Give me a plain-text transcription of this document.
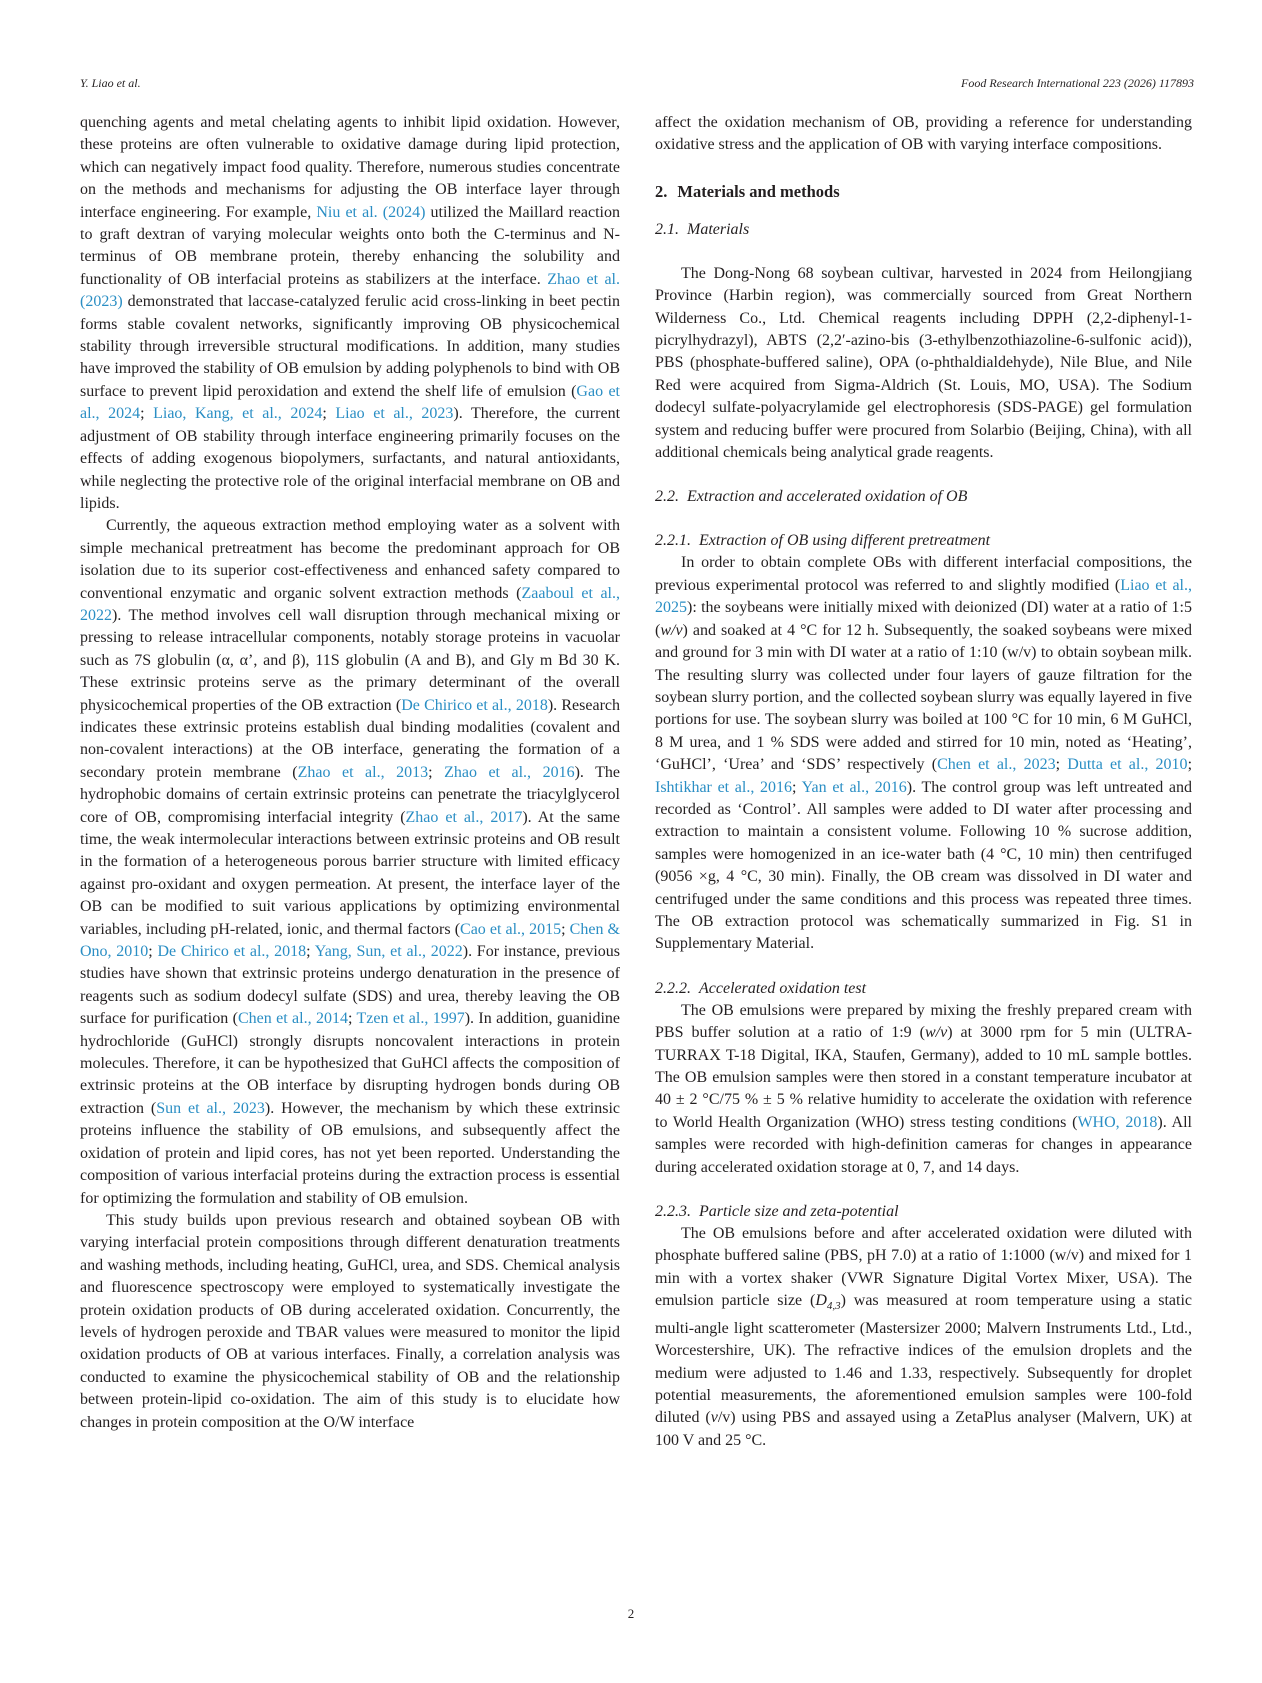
Y. Liao et al.	Food Research International 223 (2026) 117893

quenching agents and metal chelating agents to inhibit lipid oxidation. However, these proteins are often vulnerable to oxidative damage during lipid protection, which can negatively impact food quality. Therefore, numerous studies concentrate on the methods and mechanisms for adjusting the OB interface layer through interface engineering. For example, Niu et al. (2024) utilized the Maillard reaction to graft dextran of varying molecular weights onto both the C-terminus and N-terminus of OB membrane protein, thereby enhancing the solubility and functionality of OB interfacial proteins as stabilizers at the interface. Zhao et al. (2023) demonstrated that laccase-catalyzed ferulic acid cross-linking in beet pectin forms stable covalent networks, significantly improving OB physicochemical stability through irreversible structural modifications. In addition, many studies have improved the stability of OB emulsion by adding polyphenols to bind with OB surface to prevent lipid peroxidation and extend the shelf life of emulsion (Gao et al., 2024; Liao, Kang, et al., 2024; Liao et al., 2023). Therefore, the current adjustment of OB stability through interface engineering primarily focuses on the effects of adding exogenous biopolymers, surfactants, and natural antioxidants, while neglecting the protective role of the original interfacial membrane on OB and lipids.

Currently, the aqueous extraction method employing water as a solvent with simple mechanical pretreatment has become the predominant approach for OB isolation due to its superior cost-effectiveness and enhanced safety compared to conventional enzymatic and organic solvent extraction methods (Zaaboul et al., 2022). The method involves cell wall disruption through mechanical mixing or pressing to release intracellular components, notably storage proteins in vacuolar such as 7S globulin (α, α’, and β), 11S globulin (A and B), and Gly m Bd 30 K. These extrinsic proteins serve as the primary determinant of the overall physicochemical properties of the OB extraction (De Chirico et al., 2018). Research indicates these extrinsic proteins establish dual binding modalities (covalent and non-covalent interactions) at the OB interface, generating the formation of a secondary protein membrane (Zhao et al., 2013; Zhao et al., 2016). The hydrophobic domains of certain extrinsic proteins can penetrate the triacylglycerol core of OB, compromising interfacial integrity (Zhao et al., 2017). At the same time, the weak intermolecular interactions between extrinsic proteins and OB result in the formation of a heterogeneous porous barrier structure with limited efficacy against pro-oxidant and oxygen permeation. At present, the interface layer of the OB can be modified to suit various applications by optimizing environmental variables, including pH-related, ionic, and thermal factors (Cao et al., 2015; Chen & Ono, 2010; De Chirico et al., 2018; Yang, Sun, et al., 2022). For instance, previous studies have shown that extrinsic proteins undergo denaturation in the presence of reagents such as sodium dodecyl sulfate (SDS) and urea, thereby leaving the OB surface for purification (Chen et al., 2014; Tzen et al., 1997). In addition, guanidine hydrochloride (GuHCl) strongly disrupts noncovalent interactions in protein molecules. Therefore, it can be hypothesized that GuHCl affects the composition of extrinsic proteins at the OB interface by disrupting hydrogen bonds during OB extraction (Sun et al., 2023). However, the mechanism by which these extrinsic proteins influence the stability of OB emulsions, and subsequently affect the oxidation of protein and lipid cores, has not yet been reported. Understanding the composition of various interfacial proteins during the extraction process is essential for optimizing the formulation and stability of OB emulsion.

This study builds upon previous research and obtained soybean OB with varying interfacial protein compositions through different denaturation treatments and washing methods, including heating, GuHCl, urea, and SDS. Chemical analysis and fluorescence spectroscopy were employed to systematically investigate the protein oxidation products of OB during accelerated oxidation. Concurrently, the levels of hydrogen peroxide and TBAR values were measured to monitor the lipid oxidation products of OB at various interfaces. Finally, a correlation analysis was conducted to examine the physicochemical stability of OB and the relationship between protein-lipid co-oxidation. The aim of this study is to elucidate how changes in protein composition at the O/W interface

affect the oxidation mechanism of OB, providing a reference for understanding oxidative stress and the application of OB with varying interface compositions.

2. Materials and methods
2.1. Materials

The Dong-Nong 68 soybean cultivar, harvested in 2024 from Heilongjiang Province (Harbin region), was commercially sourced from Great Northern Wilderness Co., Ltd. Chemical reagents including DPPH (2,2-diphenyl-1-picrylhydrazyl), ABTS (2,2′-azino-bis (3-ethylbenzothiazoline-6-sulfonic acid)), PBS (phosphate-buffered saline), OPA (o-phthaldialdehyde), Nile Blue, and Nile Red were acquired from Sigma-Aldrich (St. Louis, MO, USA). The Sodium dodecyl sulfate-polyacrylamide gel electrophoresis (SDS-PAGE) gel formulation system and reducing buffer were procured from Solarbio (Beijing, China), with all additional chemicals being analytical grade reagents.

2.2. Extraction and accelerated oxidation of OB
2.2.1. Extraction of OB using different pretreatment

In order to obtain complete OBs with different interfacial compositions, the previous experimental protocol was referred to and slightly modified (Liao et al., 2025): the soybeans were initially mixed with deionized (DI) water at a ratio of 1:5 (w/v) and soaked at 4 °C for 12 h. Subsequently, the soaked soybeans were mixed and ground for 3 min with DI water at a ratio of 1:10 (w/v) to obtain soybean milk. The resulting slurry was collected under four layers of gauze filtration for the soybean slurry portion, and the collected soybean slurry was equally layered in five portions for use. The soybean slurry was boiled at 100 °C for 10 min, 6 M GuHCl, 8 M urea, and 1 % SDS were added and stirred for 10 min, noted as ‘Heating’, ‘GuHCl’, ‘Urea’ and ‘SDS’ respectively (Chen et al., 2023; Dutta et al., 2010; Ishtikhar et al., 2016; Yan et al., 2016). The control group was left untreated and recorded as ‘Control’. All samples were added to DI water after processing and extraction to maintain a consistent volume. Following 10 % sucrose addition, samples were homogenized in an ice-water bath (4 °C, 10 min) then centrifuged (9056 ×g, 4 °C, 30 min). Finally, the OB cream was dissolved in DI water and centrifuged under the same conditions and this process was repeated three times. The OB extraction protocol was schematically summarized in Fig. S1 in Supplementary Material.

2.2.2. Accelerated oxidation test

The OB emulsions were prepared by mixing the freshly prepared cream with PBS buffer solution at a ratio of 1:9 (w/v) at 3000 rpm for 5 min (ULTRA-TURRAX T-18 Digital, IKA, Staufen, Germany), added to 10 mL sample bottles. The OB emulsion samples were then stored in a constant temperature incubator at 40 ± 2 °C/75 % ± 5 % relative humidity to accelerate the oxidation with reference to World Health Organization (WHO) stress testing conditions (WHO, 2018). All samples were recorded with high-definition cameras for changes in appearance during accelerated oxidation storage at 0, 7, and 14 days.

2.2.3. Particle size and zeta-potential

The OB emulsions before and after accelerated oxidation were diluted with phosphate buffered saline (PBS, pH 7.0) at a ratio of 1:1000 (w/v) and mixed for 1 min with a vortex shaker (VWR Signature Digital Vortex Mixer, USA). The emulsion particle size $(D_{4,3})$ was measured at room temperature using a static multi-angle light scatterometer (Mastersizer 2000; Malvern Instruments Ltd., Ltd., Worcestershire, UK). The refractive indices of the emulsion droplets and the medium were adjusted to 1.46 and 1.33, respectively. Subsequently for droplet potential measurements, the aforementioned emulsion samples were 100-fold diluted (v/v) using PBS and assayed using a ZetaPlus analyser (Malvern, UK) at 100 V and 25 °C.

2
